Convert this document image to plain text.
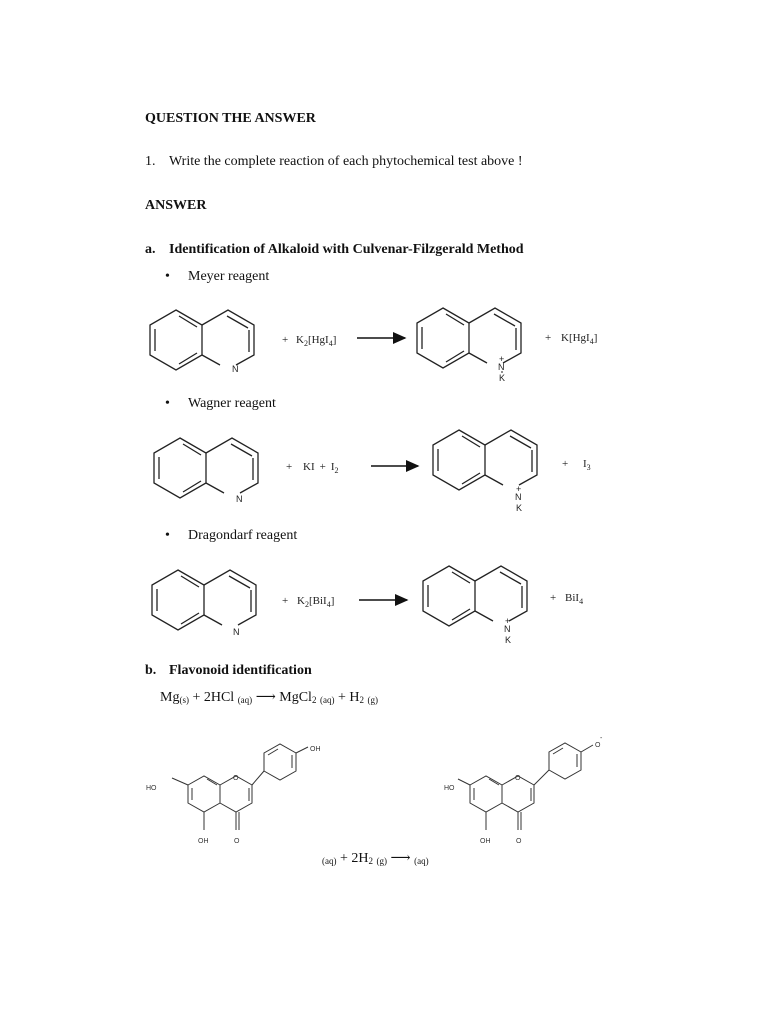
QUESTION THE ANSWER
1. Write the complete reaction of each phytochemical test above !
ANSWER
a. Identification of Alkaloid with Culvenar-Filzgerald Method
• Meyer reagent
• Wagner reagent
• Dragondarf reagent
b. Flavonoid identification
$Mg_{(s)} + 2HCl$ $_{(aq)}$ ⟶ MgCl$_2$ $_{(aq)} + H_2$ $_{(g)}$
$_{(aq)} + 2H_2$ $_{(g)}$ ⟶ $_{(aq)}$
N
+ $K_2[HgI_4]$
N
+
K
+ K[HgI$_4$]
N
+ KI + $I_2$
N
+
K
+ $I_3$
N
+ $K_2[BiI_4]$
N
+
K
+ BiI$_4$
OH
HO
O
OH	O
O
-
HO
O
OH	O
